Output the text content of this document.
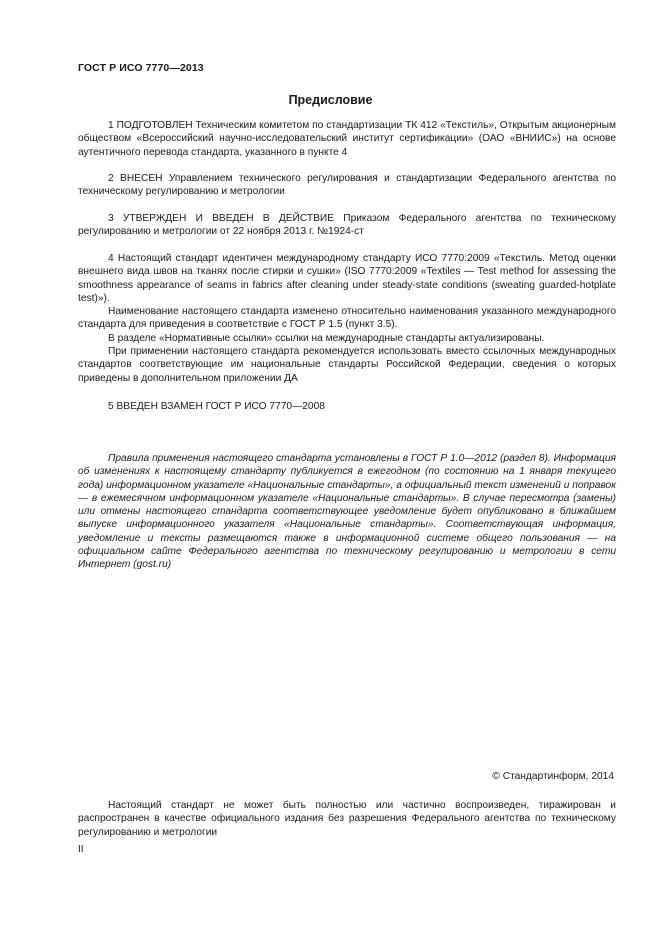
ГОСТ Р ИСО 7770—2013
Предисловие

1 ПОДГОТОВЛЕН Техническим комитетом по стандартизации ТК 412 «Текстиль», Открытым акционерным обществом «Всероссийский научно-исследовательский институт сертификации» (ОАО «ВНИИС») на основе аутентичного перевода стандарта, указанного в пункте 4

2 ВНЕСЕН Управлением технического регулирования и стандартизации Федерального агентства по техническому регулированию и метрологии

3 УТВЕРЖДЕН И ВВЕДЕН В ДЕЙСТВИЕ Приказом Федерального агентства по техническому регулированию и метрологии от 22 ноября 2013 г. №1924-ст

4 Настоящий стандарт идентичен международному стандарту ИСО 7770:2009 «Текстиль. Метод оценки внешнего вида швов на тканях после стирки и сушки» (ISO 7770:2009 «Textiles — Test method for assessing the smoothness appearance of seams in fabrics after cleaning under steady-state conditions (sweating guarded-hotplate test)»).

Наименование настоящего стандарта изменено относительно наименования указанного международного стандарта для приведения в соответствие с ГОСТ Р 1.5 (пункт 3.5).

В разделе «Нормативные ссылки» ссылки на международные стандарты актуализированы.

При применении настоящего стандарта рекомендуется использовать вместо ссылочных международных стандартов соответствующие им национальные стандарты Российской Федерации, сведения о которых приведены в дополнительном приложении ДА

5 ВВЕДЕН ВЗАМЕН ГОСТ Р ИСО 7770—2008

Правила применения настоящего стандарта установлены в ГОСТ Р 1.0—2012 (раздел 8). Информация об изменениях к настоящему стандарту публикуется в ежегодном (по состоянию на 1 января текущего года) информационном указателе «Национальные стандарты», а официальный текст изменений и поправок — в ежемесячном информационном указателе «Национальные стандарты». В случае пересмотра (замены) или отмены настоящего стандарта соответствующее уведомление будет опубликовано в ближайшем выпуске информационного указателя «Национальные стандарты». Соответствующая информация, уведомление и тексты размещаются также в информационной системе общего пользования — на официальном сайте Федерального агентства по техническому регулированию и метрологии в сети Интернет (gost.ru)

© Стандартинформ, 2014

Настоящий стандарт не может быть полностью или частично воспроизведен, тиражирован и распространен в качестве официального издания без разрешения Федерального агентства по техническому регулированию и метрологии

II
